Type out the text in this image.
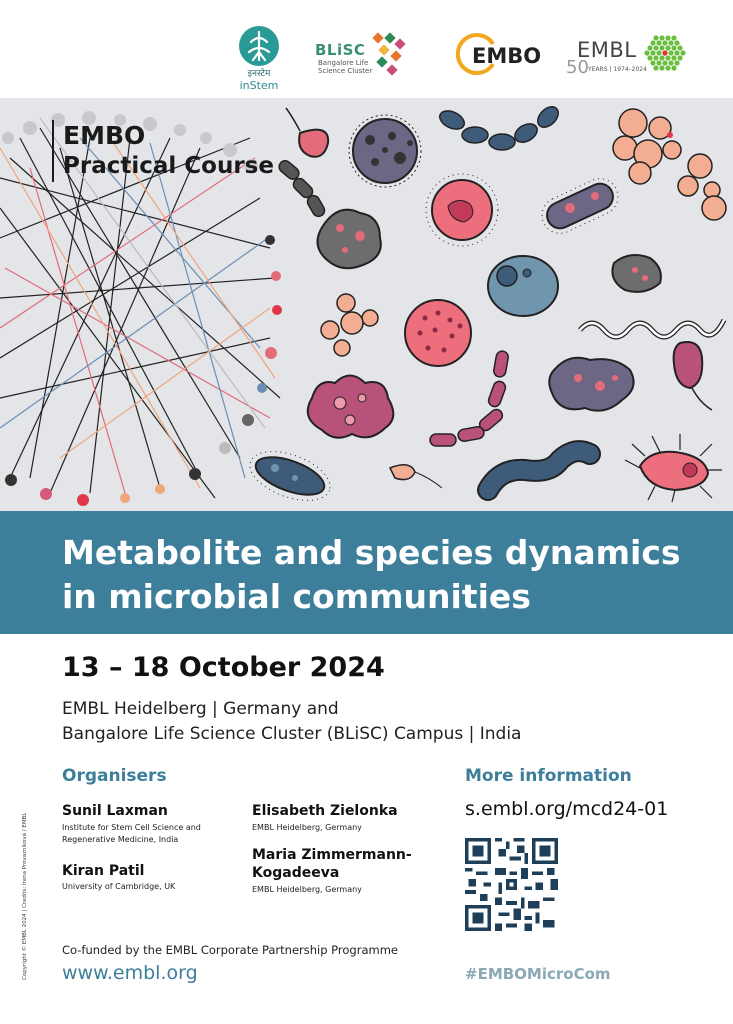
इनस्टेम
inStem
BLiSC
Bangalore Life Science Cluster
EMBO EMBL
50 YEARS | 1974–2024
EMBO
Practical Course
Metabolite and species dynamics
in microbial communities
13 – 18 October 2024
EMBL Heidelberg | Germany and
Bangalore Life Science Cluster (BLiSC) Campus | India
Organisers
Sunil Laxman
Institute for Stem Cell Science and
Regenerative Medicine, India
Kiran Patil
University of Cambridge, UK
Elisabeth Zielonka
EMBL Heidelberg, Germany
Maria Zimmermann-
Kogadeeva
EMBL Heidelberg, Germany
More information
s.embl.org/mcd24-01
Copyright © EMBL 2024 | Credits: Irena Provazníková / EMBL	Co-funded by the EMBL Corporate Partnership Programme
www.embl.org	#EMBOMicroCom
